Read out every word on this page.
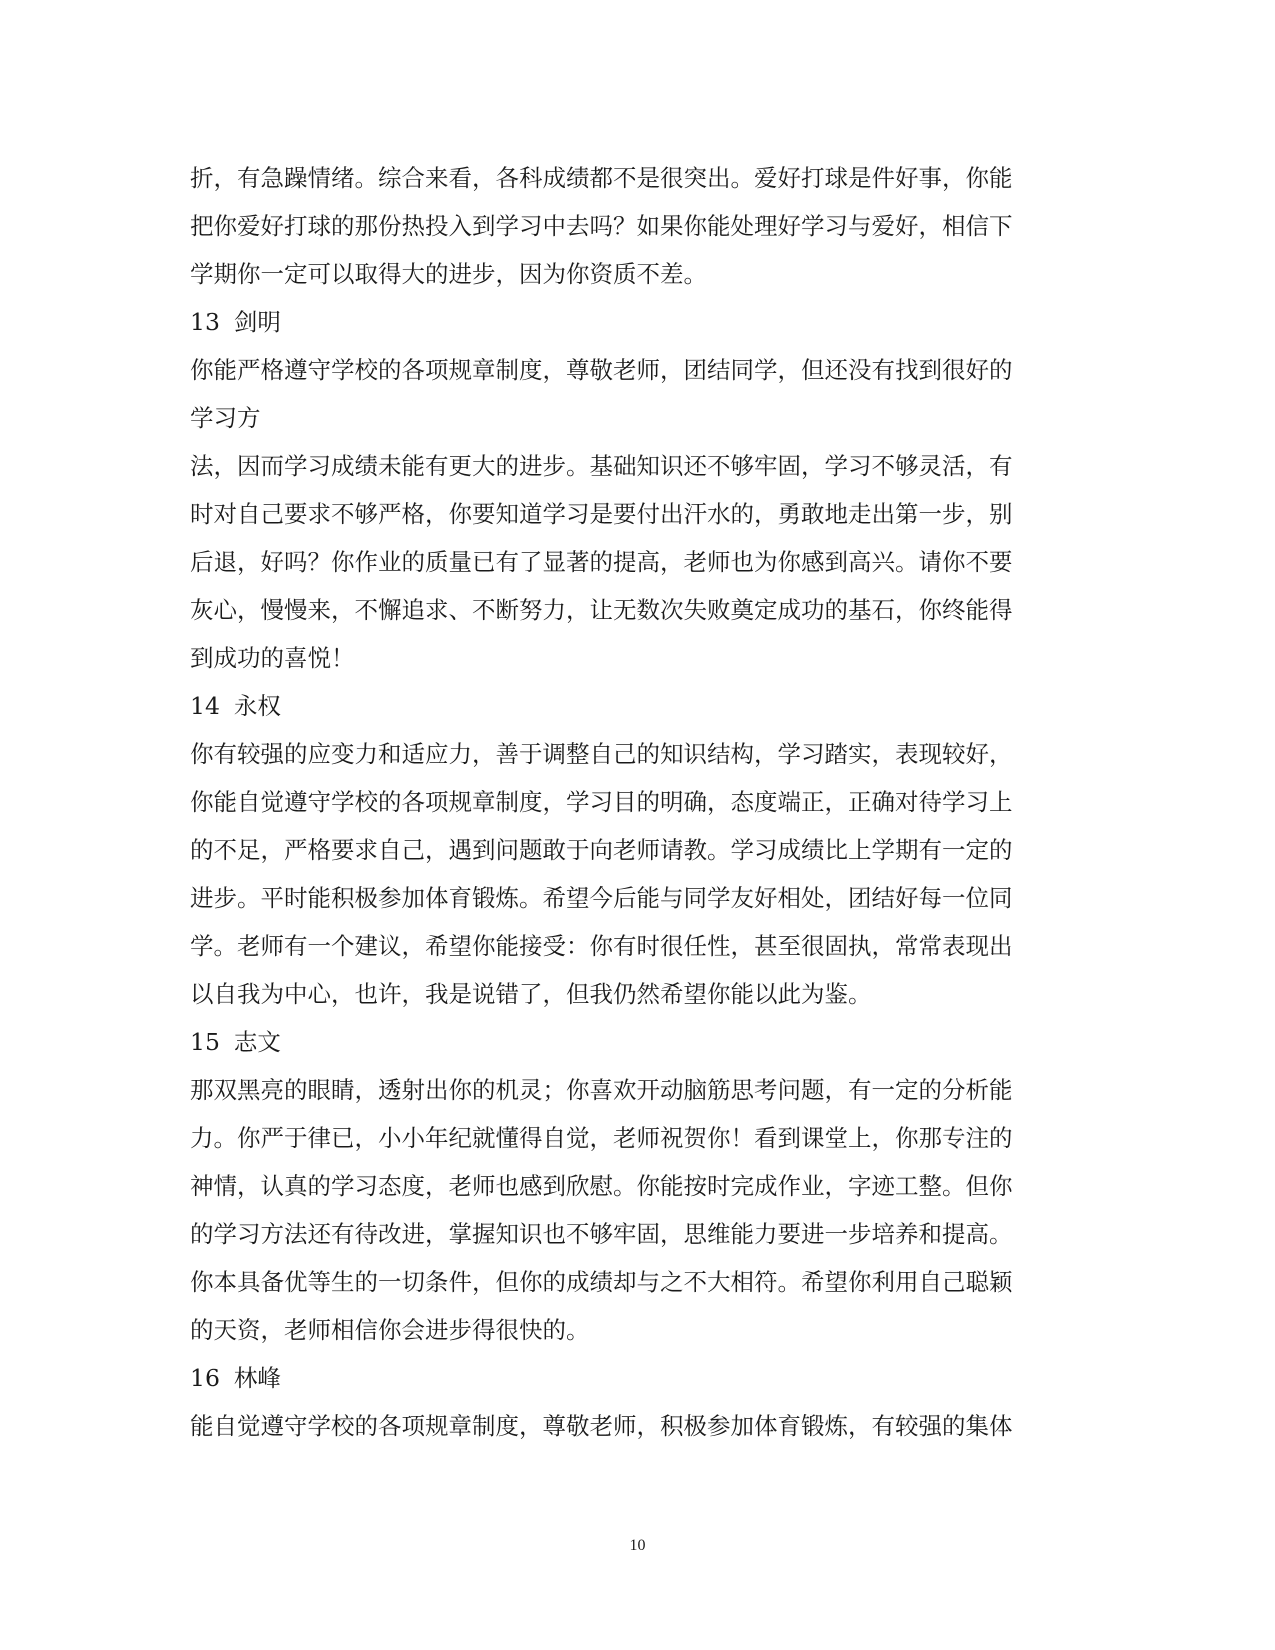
折，有急躁情绪。综合来看，各科成绩都不是很突出。爱好打球是件好事，你能
把你爱好打球的那份热投入到学习中去吗？如果你能处理好学习与爱好，相信下
学期你一定可以取得大的进步，因为你资质不差。
13 剑明
你能严格遵守学校的各项规章制度，尊敬老师，团结同学，但还没有找到很好的
学习方
法，因而学习成绩未能有更大的进步。基础知识还不够牢固，学习不够灵活，有
时对自己要求不够严格，你要知道学习是要付出汗水的，勇敢地走出第一步，别
后退，好吗？你作业的质量已有了显著的提高，老师也为你感到高兴。请你不要
灰心，慢慢来，不懈追求、不断努力，让无数次失败奠定成功的基石，你终能得
到成功的喜悦！
14 永权
你有较强的应变力和适应力，善于调整自己的知识结构，学习踏实，表现较好，
你能自觉遵守学校的各项规章制度，学习目的明确，态度端正，正确对待学习上
的不足，严格要求自己，遇到问题敢于向老师请教。学习成绩比上学期有一定的
进步。平时能积极参加体育锻炼。希望今后能与同学友好相处，团结好每一位同
学。老师有一个建议，希望你能接受：你有时很任性，甚至很固执，常常表现出
以自我为中心，也许，我是说错了，但我仍然希望你能以此为鉴。
15 志文
那双黑亮的眼睛，透射出你的机灵；你喜欢开动脑筋思考问题，有一定的分析能
力。你严于律已，小小年纪就懂得自觉，老师祝贺你！看到课堂上，你那专注的
神情，认真的学习态度，老师也感到欣慰。你能按时完成作业，字迹工整。但你
的学习方法还有待改进，掌握知识也不够牢固，思维能力要进一步培养和提高。
你本具备优等生的一切条件，但你的成绩却与之不大相符。希望你利用自己聪颖
的天资，老师相信你会进步得很快的。
16 林峰
能自觉遵守学校的各项规章制度，尊敬老师，积极参加体育锻炼，有较强的集体
10
